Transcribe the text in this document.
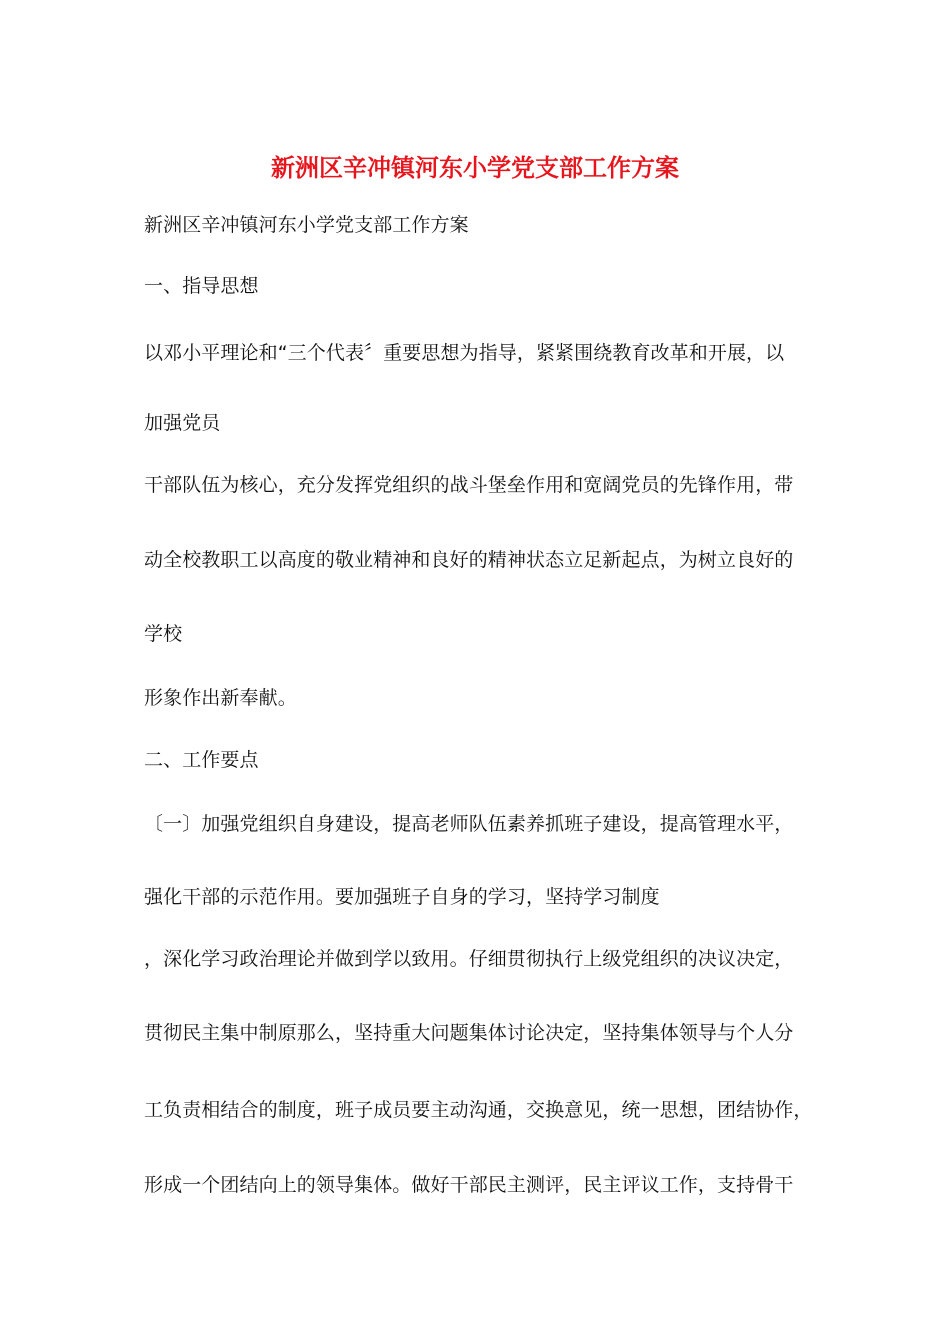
新洲区辛冲镇河东小学党支部工作方案
新洲区辛冲镇河东小学党支部工作方案
一、指导思想
以邓小平理论和“三个代表〞重要思想为指导，紧紧围绕教育改革和开展，以
加强党员
干部队伍为核心，充分发挥党组织的战斗堡垒作用和宽阔党员的先锋作用，带
动全校教职工以高度的敬业精神和良好的精神状态立足新起点，为树立良好的
学校
形象作出新奉献。
二、工作要点
〔一〕加强党组织自身建设，提高老师队伍素养抓班子建设，提高管理水平，
强化干部的示范作用。要加强班子自身的学习，坚持学习制度
，深化学习政治理论并做到学以致用。仔细贯彻执行上级党组织的决议决定，
贯彻民主集中制原那么，坚持重大问题集体讨论决定，坚持集体领导与个人分
工负责相结合的制度，班子成员要主动沟通，交换意见，统一思想，团结协作，
形成一个团结向上的领导集体。做好干部民主测评，民主评议工作，支持骨干
